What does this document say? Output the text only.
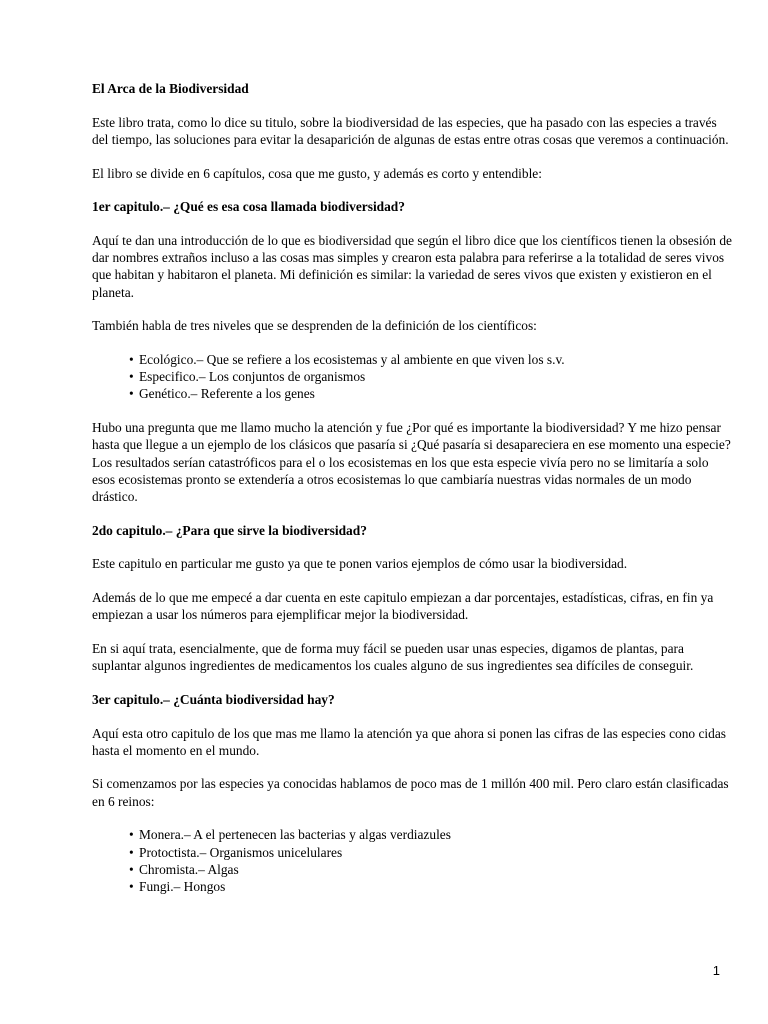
El Arca de la Biodiversidad

Este libro trata, como lo dice su titulo, sobre la biodiversidad de las especies, que ha pasado con las especies a través del tiempo, las soluciones para evitar la desaparición de algunas de estas entre otras cosas que veremos a continuación.

El libro se divide en 6 capítulos, cosa que me gusto, y además es corto y entendible:

1er capitulo.– ¿Qué es esa cosa llamada biodiversidad?

Aquí te dan una introducción de lo que es biodiversidad que según el libro dice que los científicos tienen la obsesión de dar nombres extraños incluso a las cosas mas simples y crearon esta palabra para referirse a la totalidad de seres vivos que habitan y habitaron el planeta. Mi definición es similar: la variedad de seres vivos que existen y existieron en el planeta.

También habla de tres niveles que se desprenden de la definición de los científicos:

• Ecológico.– Que se refiere a los ecosistemas y al ambiente en que viven los s.v.
• Especifico.– Los conjuntos de organismos
• Genético.– Referente a los genes

Hubo una pregunta que me llamo mucho la atención y fue ¿Por qué es importante la biodiversidad? Y me hizo pensar hasta que llegue a un ejemplo de los clásicos que pasaría si ¿Qué pasaría si desapareciera en ese momento una especie? Los resultados serían catastróficos para el o los ecosistemas en los que esta especie vivía pero no se limitaría a solo esos ecosistemas pronto se extendería a otros ecosistemas lo que cambiaría nuestras vidas normales de un modo drástico.

2do capitulo.– ¿Para que sirve la biodiversidad?

Este capitulo en particular me gusto ya que te ponen varios ejemplos de cómo usar la biodiversidad.

Además de lo que me empecé a dar cuenta en este capitulo empiezan a dar porcentajes, estadísticas, cifras, en fin ya empiezan a usar los números para ejemplificar mejor la biodiversidad.

En si aquí trata, esencialmente, que de forma muy fácil se pueden usar unas especies, digamos de plantas, para suplantar algunos ingredientes de medicamentos los cuales alguno de sus ingredientes sea difíciles de conseguir.

3er capitulo.– ¿Cuánta biodiversidad hay?

Aquí esta otro capitulo de los que mas me llamo la atención ya que ahora si ponen las cifras de las especies cono cidas hasta el momento en el mundo.

Si comenzamos por las especies ya conocidas hablamos de poco mas de 1 millón 400 mil. Pero claro están clasificadas en 6 reinos:

• Monera.– A el pertenecen las bacterias y algas verdiazules
• Protoctista.– Organismos unicelulares
• Chromista.– Algas
• Fungi.– Hongos
1
